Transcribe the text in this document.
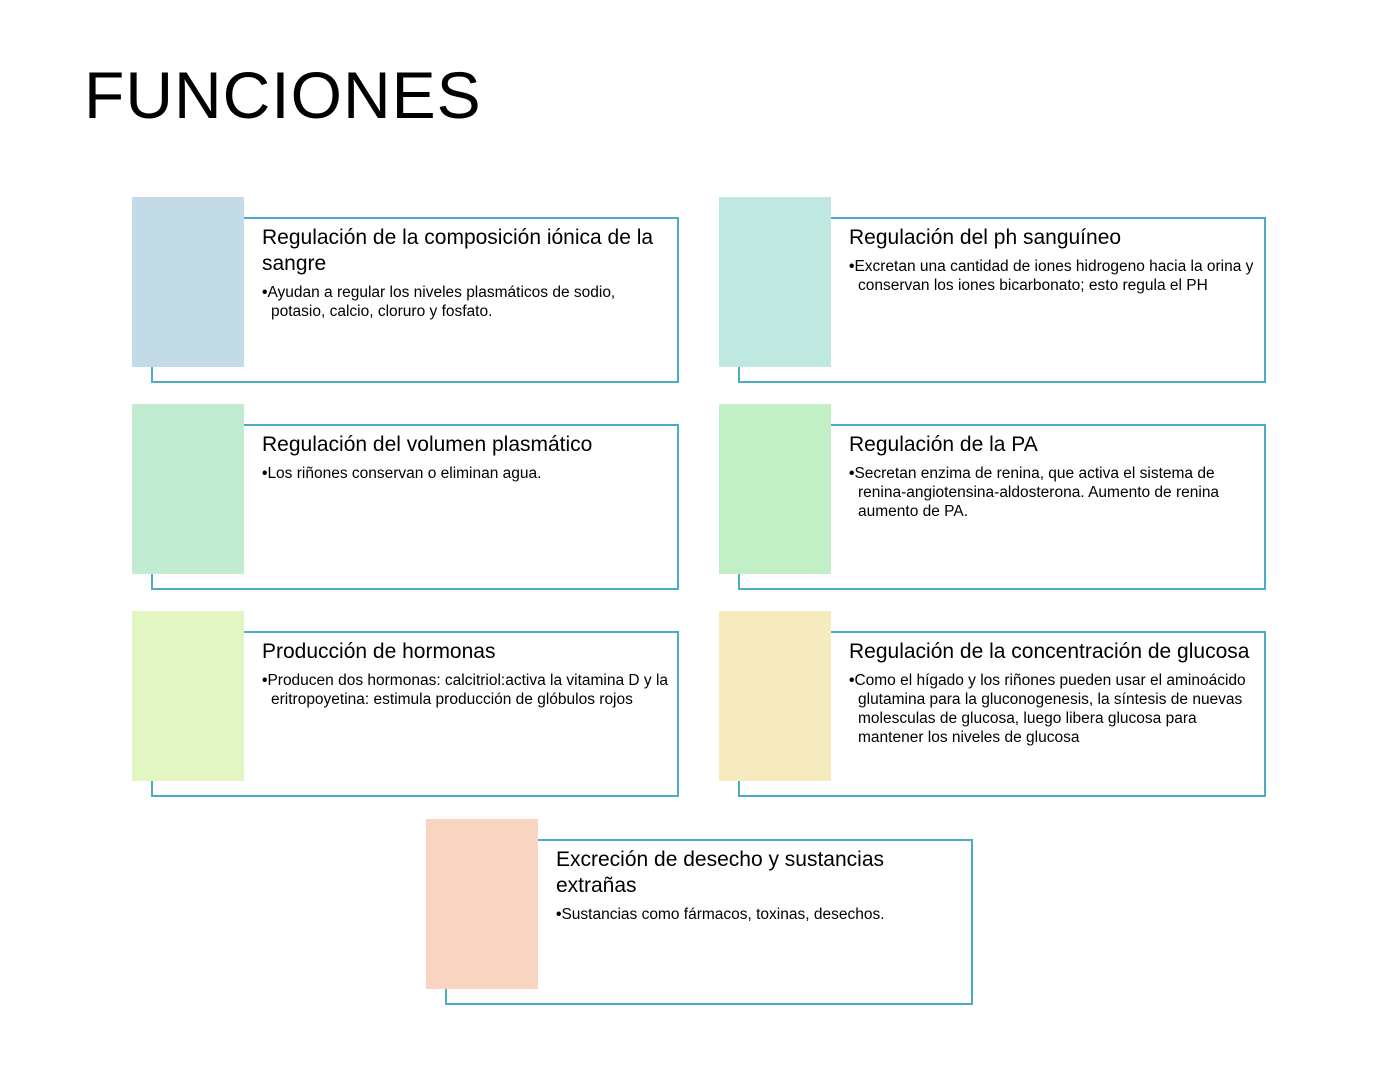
FUNCIONES

Regulación de la composición iónica de la sangre

•Ayudan a regular los niveles plasmáticos de sodio, potasio, calcio, cloruro y fosfato.

Regulación del ph sanguíneo

•Excretan una cantidad de iones hidrogeno hacia la orina y conservan los iones bicarbonato; esto regula el PH

Regulación del volumen plasmático

•Los riñones conservan o eliminan agua.

Regulación de la PA

•Secretan enzima de renina, que activa el sistema de renina-angiotensina-aldosterona. Aumento de renina aumento de PA.

Producción de hormonas

•Producen dos hormonas: calcitriol:activa la vitamina D y la eritropoyetina: estimula producción de glóbulos rojos

Regulación de la concentración de glucosa

•Como el hígado y los riñones pueden usar el aminoácido glutamina para la gluconogenesis, la síntesis de nuevas molesculas de glucosa, luego libera glucosa para mantener los niveles de glucosa

Excreción de desecho y sustancias extrañas

•Sustancias como fármacos, toxinas, desechos.
